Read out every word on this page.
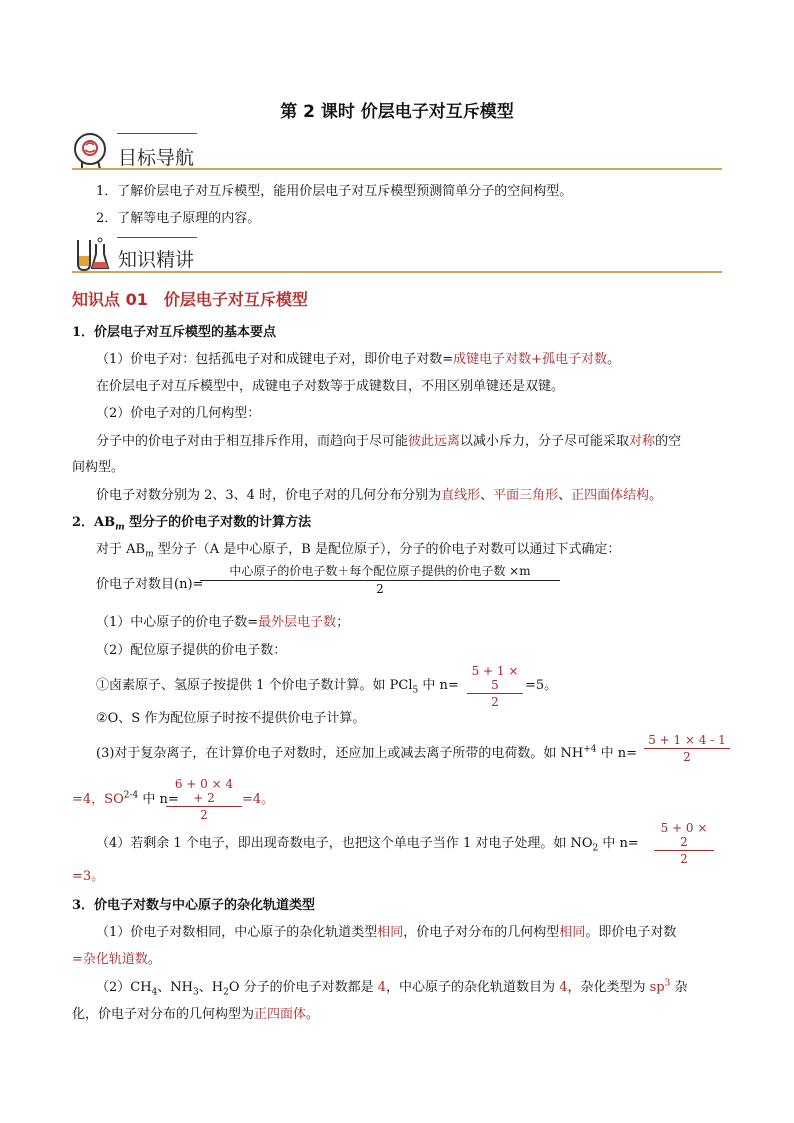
第 2 课时 价层电子对互斥模型
目标导航
1．了解价层电子对互斥模型，能用价层电子对互斥模型预测简单分子的空间构型。
2．了解等电子原理的内容。
知识精讲
知识点 01　价层电子对互斥模型
1．价层电子对互斥模型的基本要点
（1）价电子对：包括孤电子对和成键电子对，即价电子对数=成键电子对数+孤电子对数。
在价层电子对互斥模型中，成键电子对数等于成键数目，不用区别单键还是双键。
（2）价电子对的几何构型：
分子中的价电子对由于相互排斥作用，而趋向于尽可能彼此远离以减小斥力，分子尽可能采取对称的空
间构型。
价电子对数分别为 2、3、4 时，价电子对的几何分布分别为直线形、平面三角形、正四面体结构。
2．$AB_m$ 型分子的价电子对数的计算方法
对于 $AB_m$ 型分子（A 是中心原子，B 是配位原子），分子的价电子对数可以通过下式确定：
价电子对数目(n)=
中心原子的价电子数＋每个配位原子提供的价电子数 ×m
2
（1）中心原子的价电子数=最外层电子数；
（2）配位原子提供的价电子数：
①卤素原子、氢原子按提供 1 个价电子数计算。如 PCl$_5$ 中 n=
5 + 1 × 5
2
=5。
②O、S 作为配位原子时按不提供价电子计算。
(3)对于复杂离子，在计算价电子对数时，还应加上或减去离子所带的电荷数。如 $NH^{+4}$ 中 n=
5 + 1 × 4 - 1
2
=4，SO$^{2-4}$ 中 n=
6 + 0 × 4 + 2
2
=4。
（4）若剩余 1 个电子，即出现奇数电子，也把这个单电子当作 1 对电子处理。如 $NO_2$ 中 n=
5 + 0 × 2
2
=3。
3．价电子对数与中心原子的杂化轨道类型
（1）价电子对数相同，中心原子的杂化轨道类型相同，价电子对分布的几何构型相同。即价电子对数
=杂化轨道数。
$(2)CH_4$、$NH_3$、$H_2O$ 分子的价电子对数都是 4，中心原子的杂化轨道数目为 4，杂化类型为 $sp^3$ 杂
化，价电子对分布的几何构型为正四面体。
